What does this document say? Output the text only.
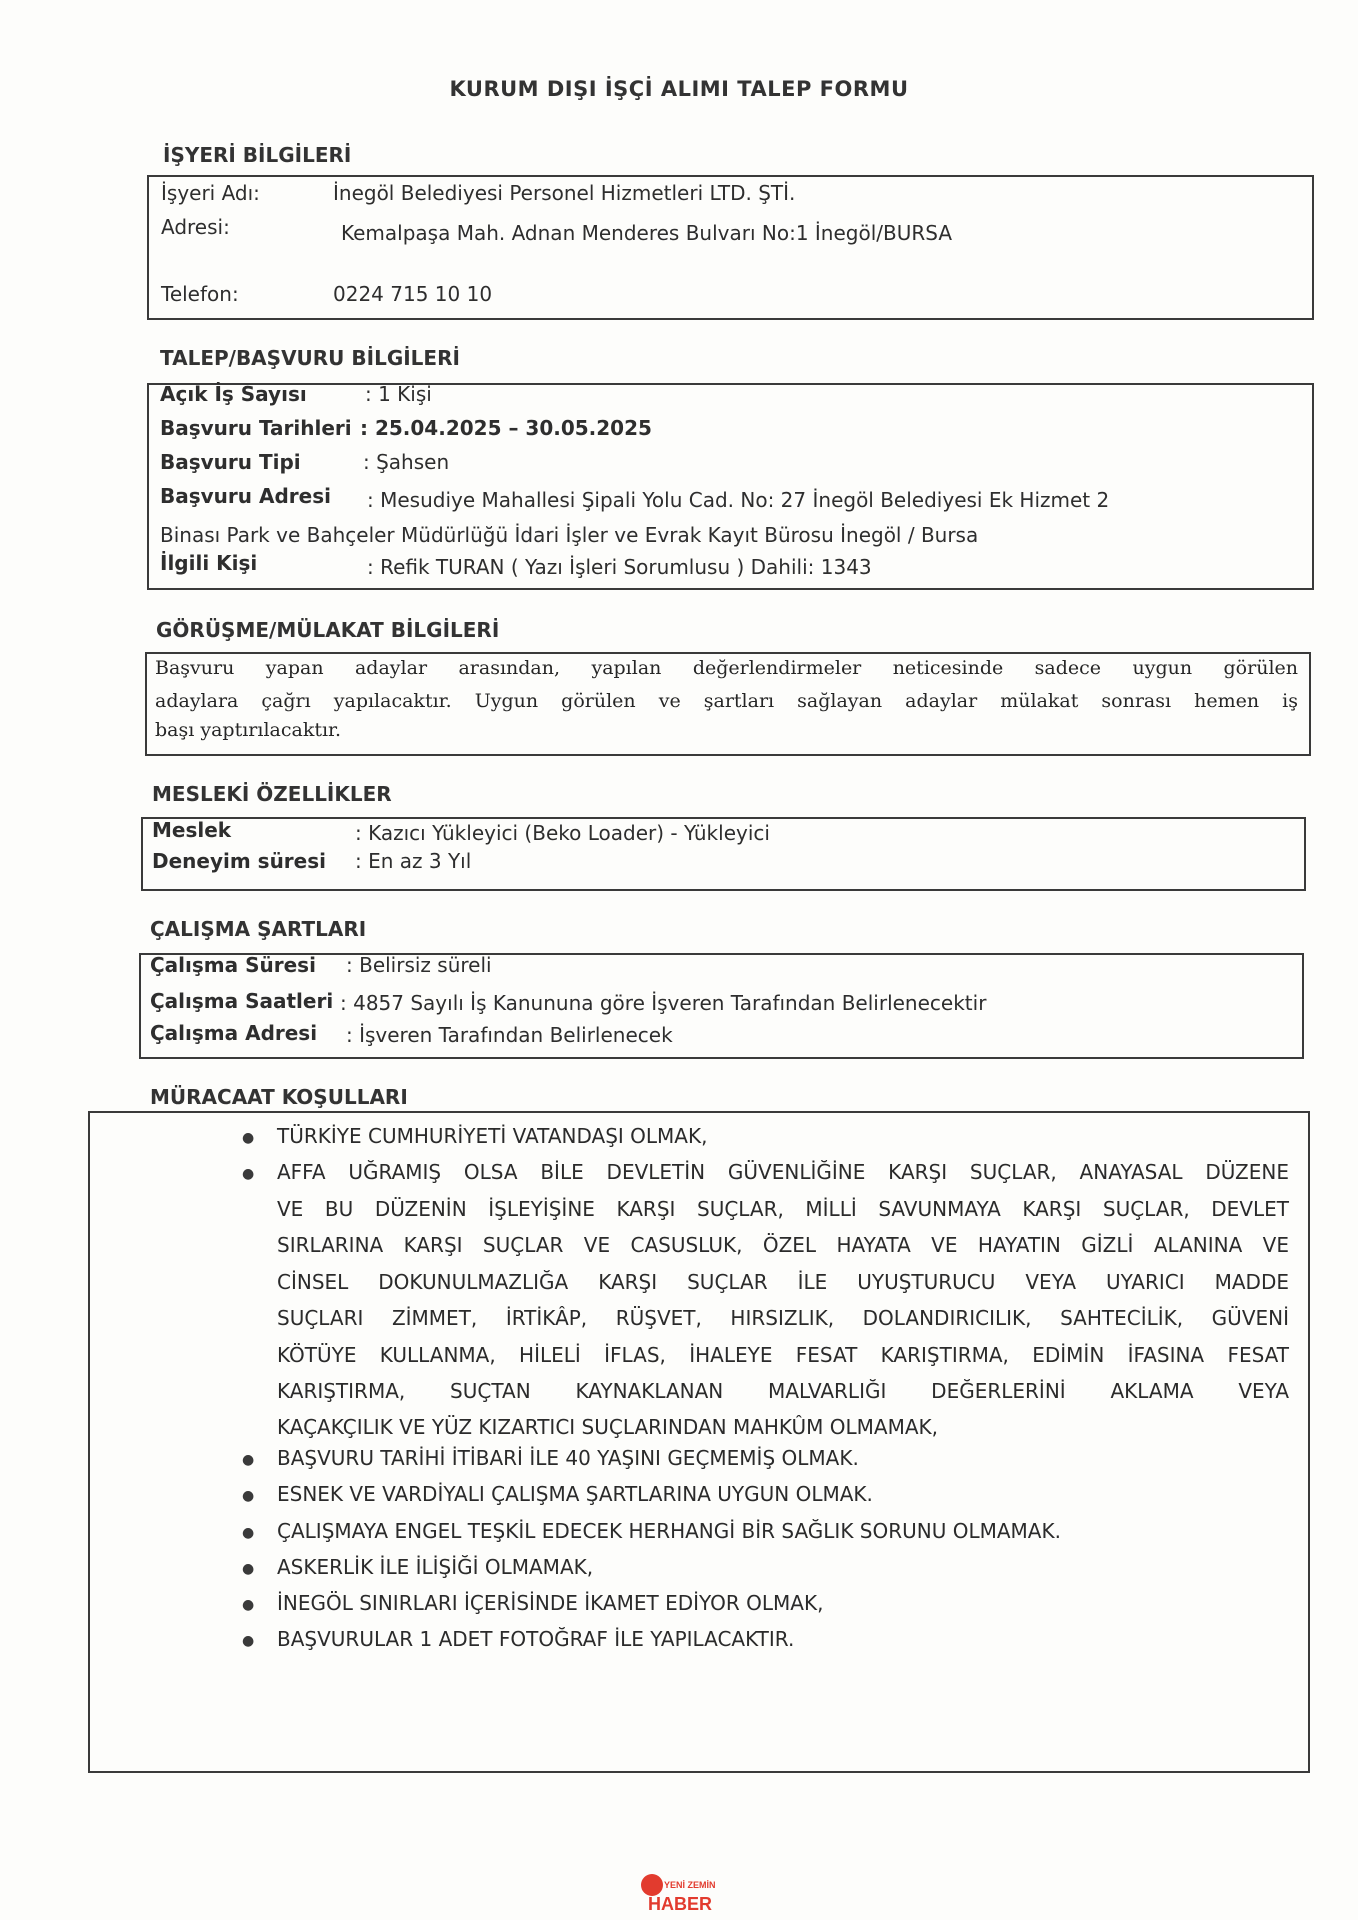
KURUM DIŞI İŞÇİ ALIMI TALEP FORMU
İŞYERİ BİLGİLERİ
İşyeri Adı:	İnegöl Belediyesi Personel Hizmetleri LTD. ŞTİ.
Adresi:	Kemalpaşa Mah. Adnan Menderes Bulvarı No:1 İnegöl/BURSA
Telefon:	0224 715 10 10
TALEP/BAŞVURU BİLGİLERİ
Açık İş Sayısı	: 1 Kişi
Başvuru Tarihleri : 25.04.2025 – 30.05.2025
Başvuru Tipi	: Şahsen
Başvuru Adresi : Mesudiye Mahallesi Şipali Yolu Cad. No: 27 İnegöl Belediyesi Ek Hizmet 2
Binası Park ve Bahçeler Müdürlüğü İdari İşler ve Evrak Kayıt Bürosu İnegöl / Bursa
İlgili Kişi	: Refik TURAN ( Yazı İşleri Sorumlusu ) Dahili: 1343
GÖRÜŞME/MÜLAKAT BİLGİLERİ
Başvuru yapan adaylar arasından, yapılan değerlendirmeler neticesinde sadece uygun görülen
adaylara çağrı yapılacaktır. Uygun görülen ve şartları sağlayan adaylar mülakat sonrası hemen iş
başı yaptırılacaktır.
MESLEKİ ÖZELLİKLER
Meslek	: Kazıcı Yükleyici (Beko Loader) - Yükleyici
Deneyim süresi : En az 3 Yıl
ÇALIŞMA ŞARTLARI
Çalışma Süresi : Belirsiz süreli
Çalışma Saatleri : 4857 Sayılı İş Kanununa göre İşveren Tarafından Belirlenecektir
Çalışma Adresi : İşveren Tarafından Belirlenecek
MÜRACAAT KOŞULLARI
● TÜRKİYE CUMHURİYETİ VATANDAŞI OLMAK,
● AFFA UĞRAMIŞ OLSA BİLE DEVLETİN GÜVENLİĞİNE KARŞI SUÇLAR, ANAYASAL DÜZENE
VE BU DÜZENİN İŞLEYİŞİNE KARŞI SUÇLAR, MİLLİ SAVUNMAYA KARŞI SUÇLAR, DEVLET
SIRLARINA KARŞI SUÇLAR VE CASUSLUK, ÖZEL HAYATA VE HAYATIN GİZLİ ALANINA VE
CİNSEL DOKUNULMAZLIĞA KARŞI SUÇLAR İLE UYUŞTURUCU VEYA UYARICI MADDE
SUÇLARI ZİMMET, İRTİKÂP, RÜŞVET, HIRSIZLIK, DOLANDIRICILIK, SAHTECİLİK, GÜVENİ
KÖTÜYE KULLANMA, HİLELİ İFLAS, İHALEYE FESAT KARIŞTIRMA, EDİMİN İFASINA FESAT
KARIŞTIRMA, SUÇTAN KAYNAKLANAN MALVARLIĞI DEĞERLERİNİ AKLAMA VEYA
KAÇAKÇILIK VE YÜZ KIZARTICI SUÇLARINDAN MAHKÛM OLMAMAK,
● BAŞVURU TARİHİ İTİBARİ İLE 40 YAŞINI GEÇMEMİŞ OLMAK.
● ESNEK VE VARDİYALI ÇALIŞMA ŞARTLARINA UYGUN OLMAK.
● ÇALIŞMAYA ENGEL TEŞKİL EDECEK HERHANGİ BİR SAĞLIK SORUNU OLMAMAK.
● ASKERLİK İLE İLİŞİĞİ OLMAMAK,
● İNEGÖL SINIRLARI İÇERİSİNDE İKAMET EDİYOR OLMAK,
● BAŞVURULAR 1 ADET FOTOĞRAF İLE YAPILACAKTIR.
YENİ ZEMİN
HABER
